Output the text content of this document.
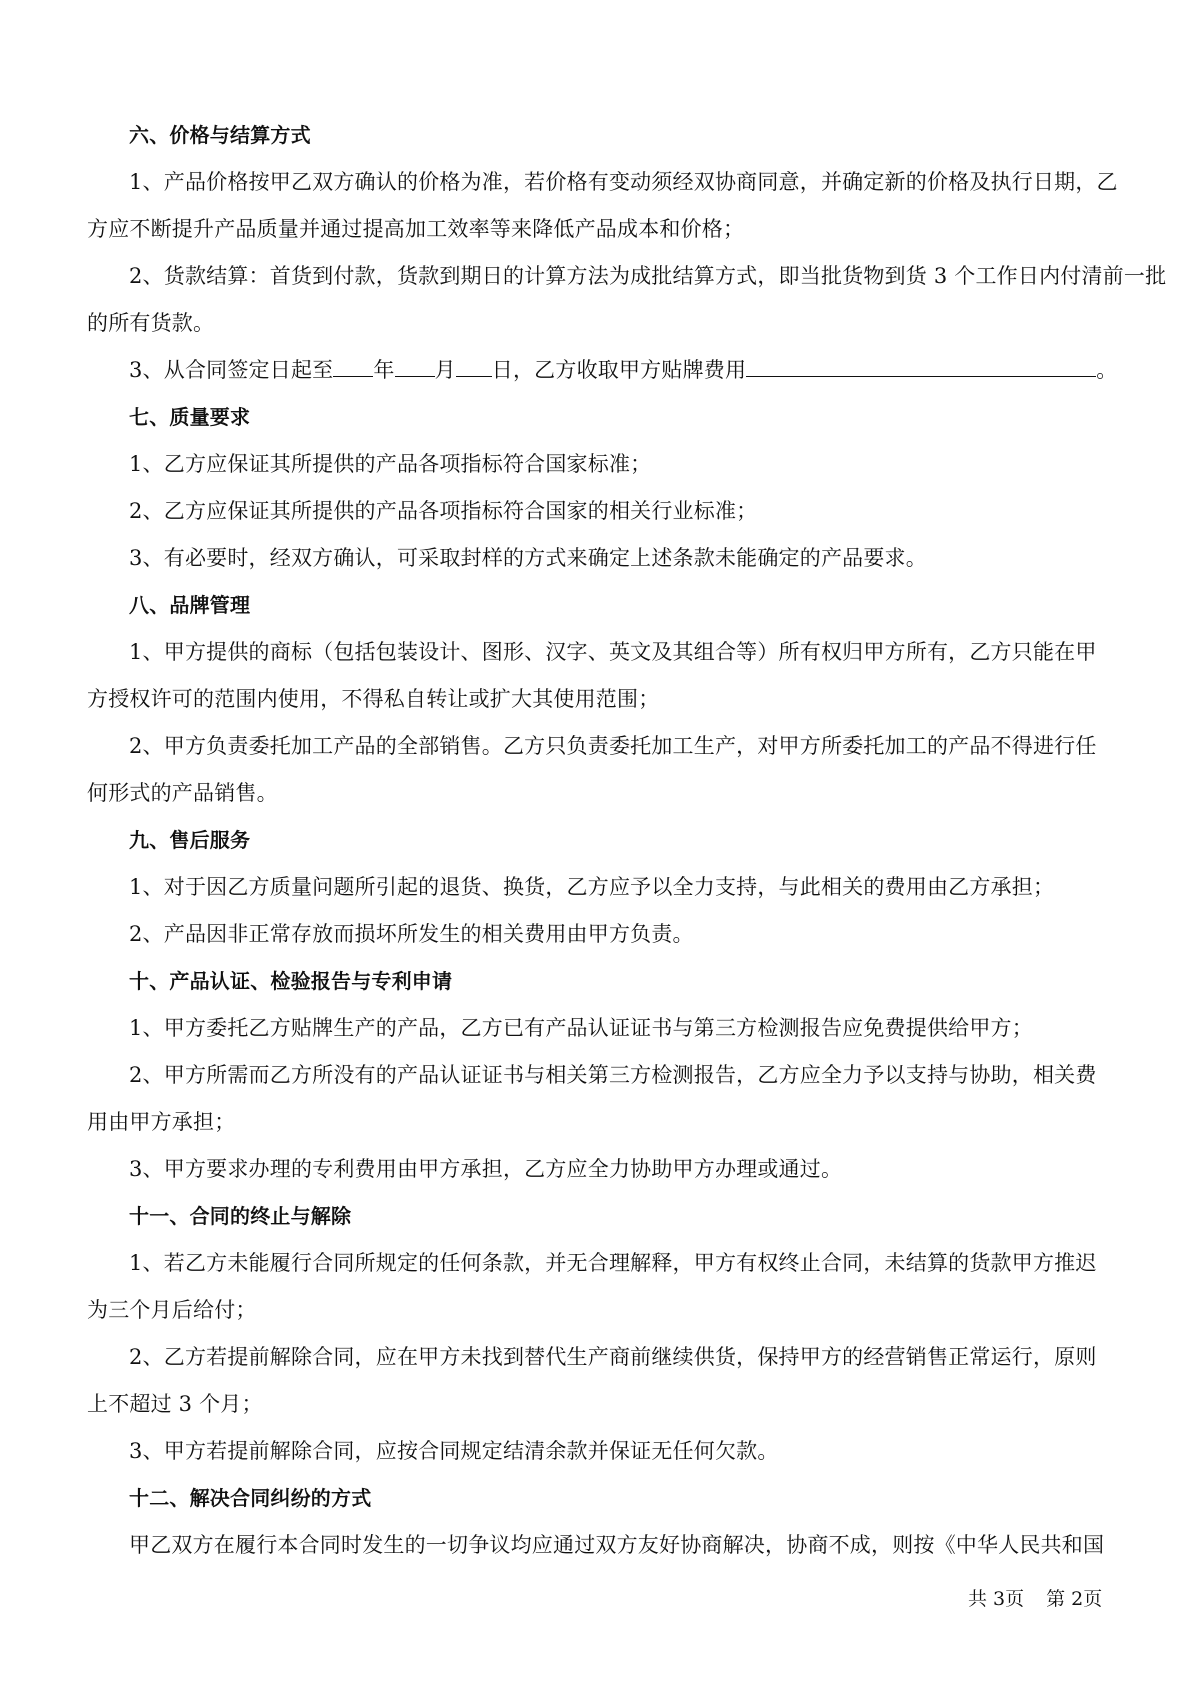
六、价格与结算方式
1、产品价格按甲乙双方确认的价格为准，若价格有变动须经双协商同意，并确定新的价格及执行日期，乙
方应不断提升产品质量并通过提高加工效率等来降低产品成本和价格；
2、货款结算：首货到付款，货款到期日的计算方法为成批结算方式，即当批货物到货 3 个工作日内付清前一批
的所有货款。
3、从合同签定日起至 年 月 日，乙方收取甲方贴牌费用	。
七、质量要求
1、乙方应保证其所提供的产品各项指标符合国家标准；
2、乙方应保证其所提供的产品各项指标符合国家的相关行业标准；
3、有必要时，经双方确认，可采取封样的方式来确定上述条款未能确定的产品要求。
八、品牌管理
1、甲方提供的商标（包括包装设计、图形、汉字、英文及其组合等）所有权归甲方所有，乙方只能在甲
方授权许可的范围内使用，不得私自转让或扩大其使用范围；
2、甲方负责委托加工产品的全部销售。乙方只负责委托加工生产，对甲方所委托加工的产品不得进行任
何形式的产品销售。
九、售后服务
1、对于因乙方质量问题所引起的退货、换货，乙方应予以全力支持，与此相关的费用由乙方承担；
2、产品因非正常存放而损坏所发生的相关费用由甲方负责。
十、产品认证、检验报告与专利申请
1、甲方委托乙方贴牌生产的产品，乙方已有产品认证证书与第三方检测报告应免费提供给甲方；
2、甲方所需而乙方所没有的产品认证证书与相关第三方检测报告，乙方应全力予以支持与协助，相关费
用由甲方承担；
3、甲方要求办理的专利费用由甲方承担，乙方应全力协助甲方办理或通过。
十一、合同的终止与解除
1、若乙方未能履行合同所规定的任何条款，并无合理解释，甲方有权终止合同，未结算的货款甲方推迟
为三个月后给付；
2、乙方若提前解除合同，应在甲方未找到替代生产商前继续供货，保持甲方的经营销售正常运行，原则
上不超过 3 个月；
3、甲方若提前解除合同，应按合同规定结清余款并保证无任何欠款。
十二、解决合同纠纷的方式
甲乙双方在履行本合同时发生的一切争议均应通过双方友好协商解决，协商不成，则按《中华人民共和国
共 3页 第 2页
